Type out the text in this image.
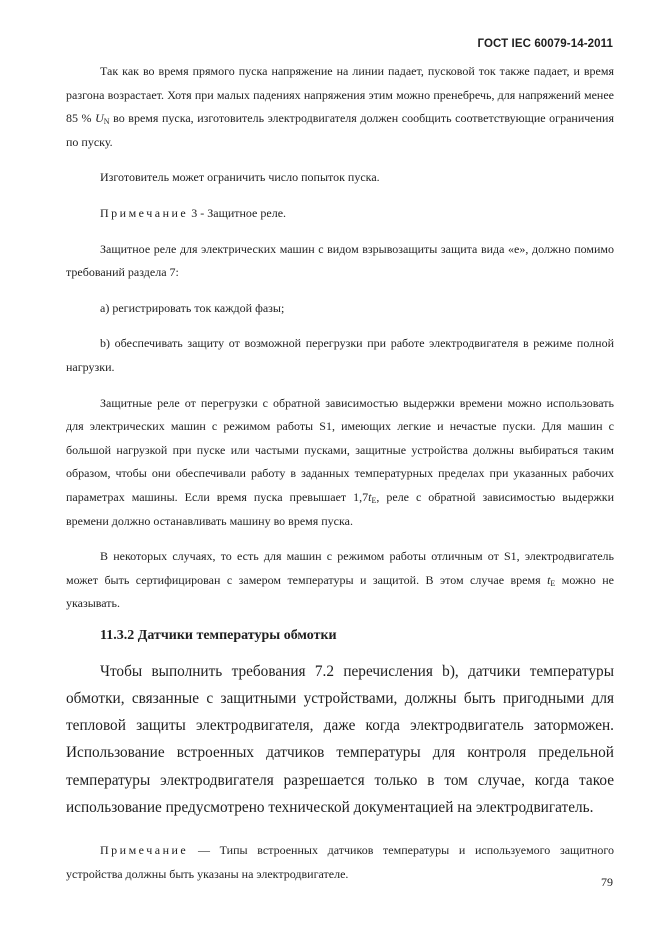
ГОСТ IEC 60079-14-2011

Так как во время прямого пуска напряжение на линии падает, пусковой ток также падает, и время разгона возрастает. Хотя при малых падениях напряжения этим можно пренебречь, для напряжений менее 85 % $U_N$ во время пуска, изготовитель электродвигателя должен сообщить соответствующие ограничения по пуску.

Изготовитель может ограничить число попыток пуска.

Примечание 3 - Защитное реле.

Защитное реле для электрических машин с видом взрывозащиты защита вида «е», должно помимо требований раздела 7:

a) регистрировать ток каждой фазы;

b) обеспечивать защиту от возможной перегрузки при работе электродвигателя в режиме полной нагрузки.

Защитные реле от перегрузки с обратной зависимостью выдержки времени можно использовать для электрических машин с режимом работы S1, имеющих легкие и нечастые пуски. Для машин с большой нагрузкой при пуске или частыми пусками, защитные устройства должны выбираться таким образом, чтобы они обеспечивали работу в заданных температурных пределах при указанных рабочих параметрах машины. Если время пуска превышает $1,7t_E$, реле с обратной зависимостью выдержки времени должно останавливать машину во время пуска.

В некоторых случаях, то есть для машин с режимом работы отличным от S1, электродвигатель может быть сертифицирован с замером температуры и защитой. В этом случае время $t_E$ можно не указывать.

11.3.2 Датчики температуры обмотки

Чтобы выполнить требования 7.2 перечисления b), датчики температуры обмотки, связанные с защитными устройствами, должны быть пригодными для тепловой защиты электродвигателя, даже когда электродвигатель заторможен. Использование встроенных датчиков температуры для контроля предельной температуры электродвигателя разрешается только в том случае, когда такое использование предусмотрено технической документацией на электродвигатель.

Примечание — Типы встроенных датчиков температуры и используемого защитного устройства должны быть указаны на электродвигателе.

79
